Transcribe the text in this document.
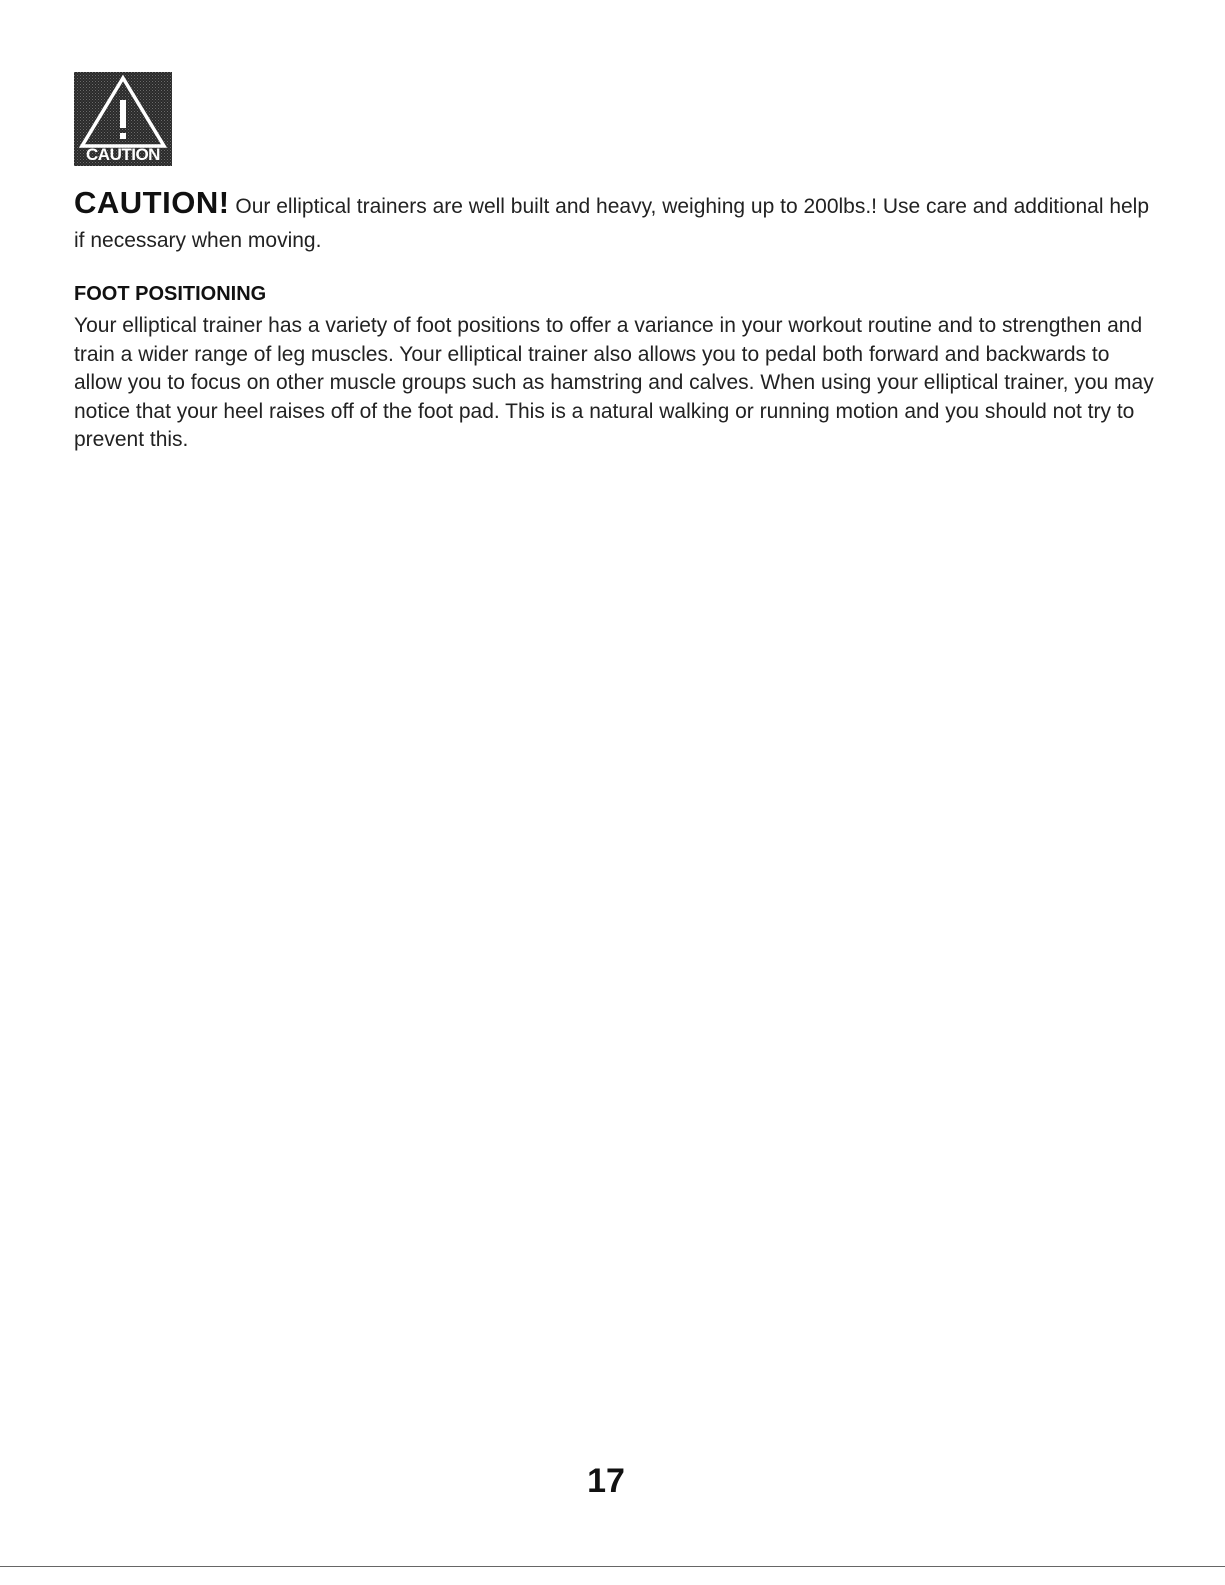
CAUTION

CAUTION! Our elliptical trainers are well built and heavy, weighing up to 200lbs.! Use care and additional help if necessary when moving.

FOOT POSITIONING

Your elliptical trainer has a variety of foot positions to offer a variance in your workout routine and to strengthen and train a wider range of leg muscles. Your elliptical trainer also allows you to pedal both forward and backwards to allow you to focus on other muscle groups such as hamstring and calves. When using your elliptical trainer, you may notice that your heel raises off of the foot pad. This is a natural walking or running motion and you should not try to prevent this.

17
